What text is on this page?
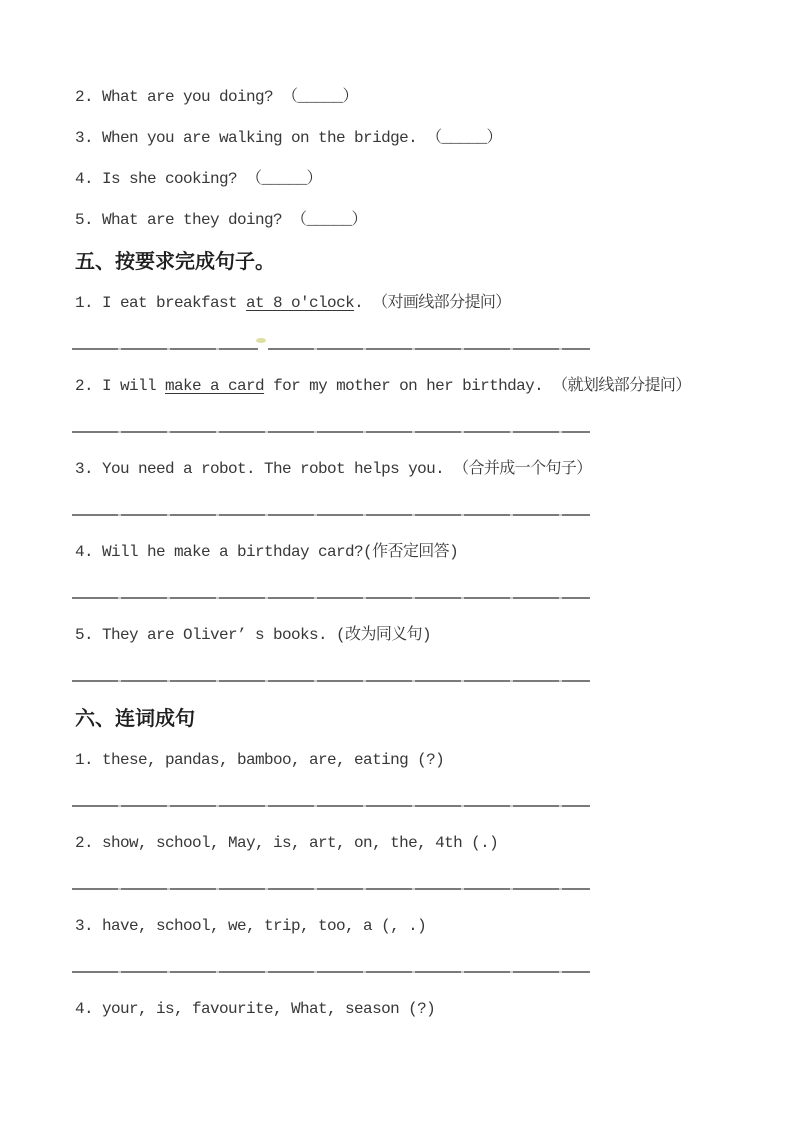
2. What are you doing? （_____）

3. When you are walking on the bridge. （_____）

4. Is she cooking? （_____）

5. What are they doing? （_____）

五、按要求完成句子。

1. I eat breakfast at 8 o'clock. （对画线部分提问）

2. I will make a card for my mother on her birthday. （就划线部分提问）

3. You need a robot. The robot helps you. （合并成一个句子）

4. Will he make a birthday card?(作否定回答)

5. They are Oliver’ s books. (改为同义句)

六、连词成句

1. these, pandas, bamboo, are, eating (?)

2. show, school, May, is, art, on, the, 4th (.)

3. have, school, we, trip, too, a (, .)

4. your, is, favourite, What, season (?)
